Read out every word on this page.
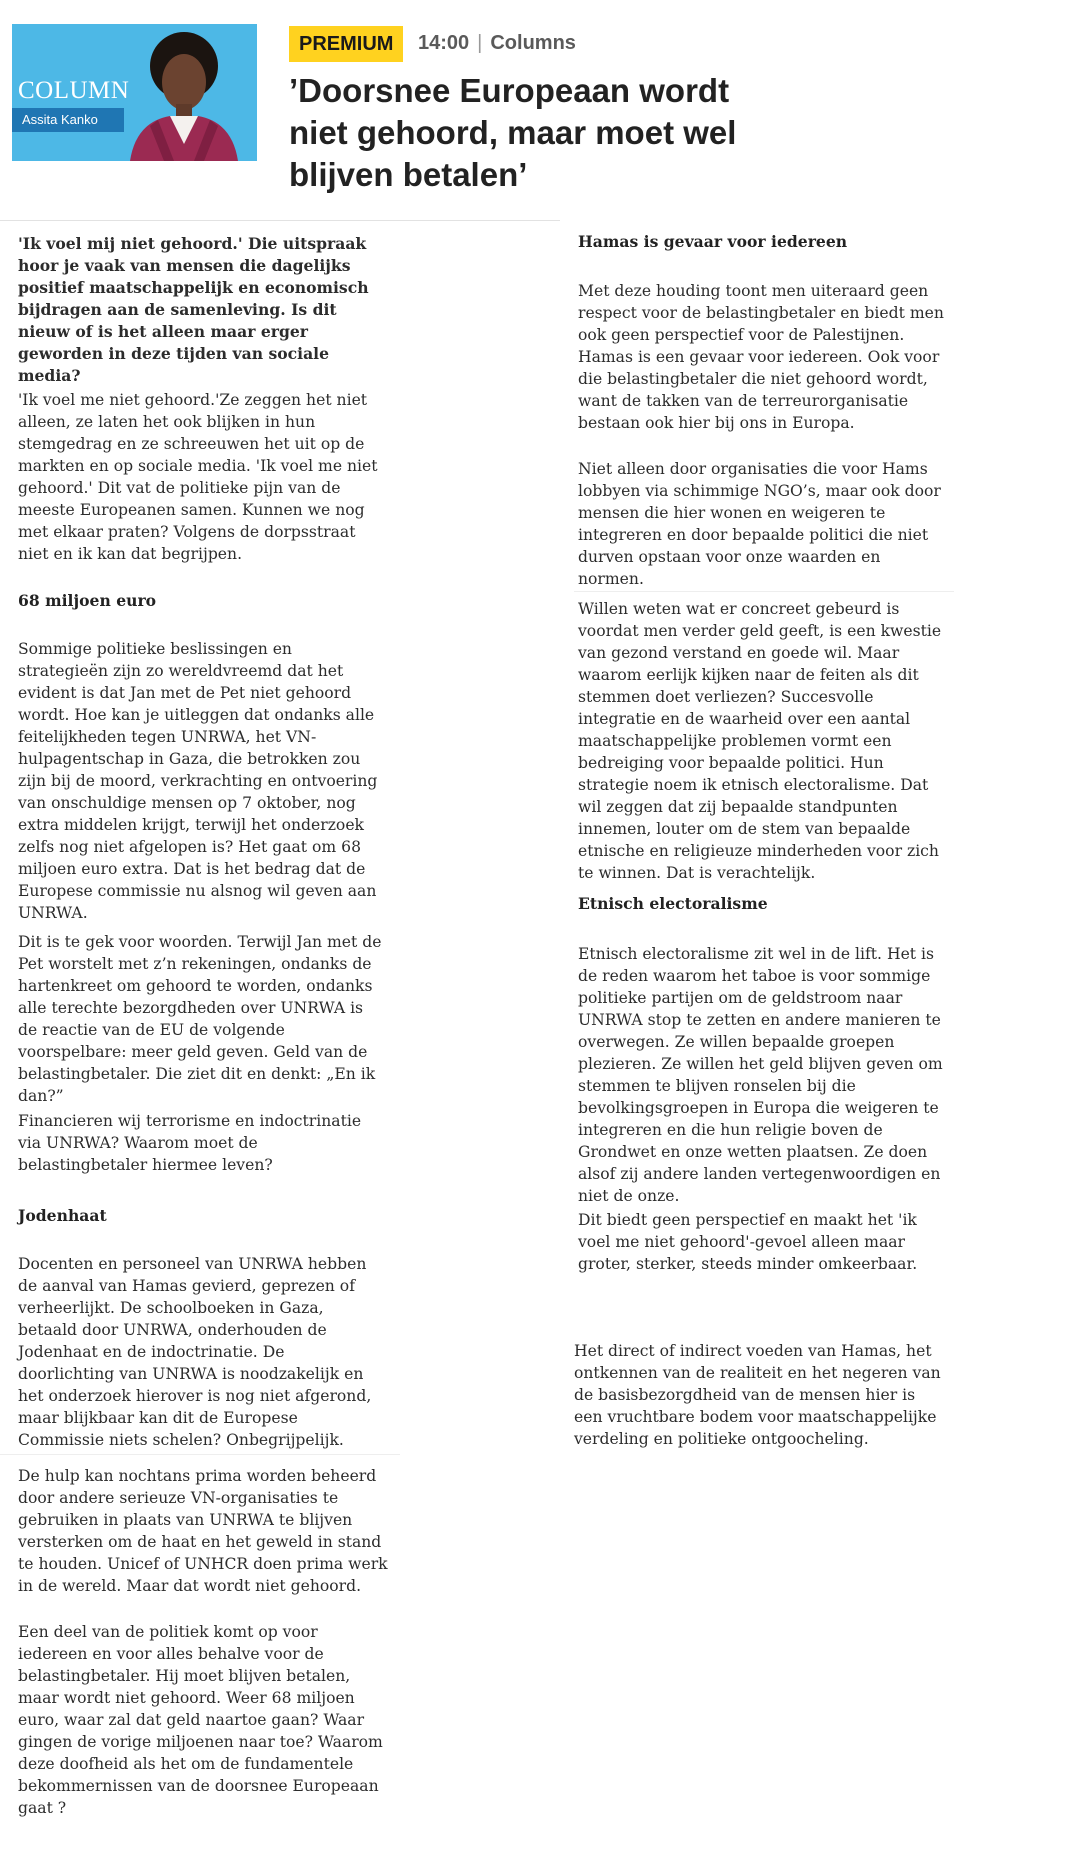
COLUMN
Assita Kanko
PREMIUM	14:00 | Columns
’Doorsnee Europeaan wordt niet gehoord, maar moet wel blijven betalen’

'Ik voel mij niet gehoord.' Die uitspraak hoor je vaak van mensen die dagelijks positief maatschappelijk en economisch bijdragen aan de samenleving. Is dit nieuw of is het alleen maar erger geworden in deze tijden van sociale media?

'Ik voel me niet gehoord.'Ze zeggen het niet alleen, ze laten het ook blijken in hun stemgedrag en ze schreeuwen het uit op de markten en op sociale media. 'Ik voel me niet gehoord.' Dit vat de politieke pijn van de meeste Europeanen samen. Kunnen we nog met elkaar praten? Volgens de dorpsstraat niet en ik kan dat begrijpen.

68 miljoen euro

Sommige politieke beslissingen en strategieën zijn zo wereldvreemd dat het evident is dat Jan met de Pet niet gehoord wordt. Hoe kan je uitleggen dat ondanks alle feitelijkheden tegen UNRWA, het VN-hulpagentschap in Gaza, die betrokken zou zijn bij de moord, verkrachting en ontvoering van onschuldige mensen op 7 oktober, nog extra middelen krijgt, terwijl het onderzoek zelfs nog niet afgelopen is? Het gaat om 68 miljoen euro extra. Dat is het bedrag dat de Europese commissie nu alsnog wil geven aan UNRWA.

Dit is te gek voor woorden. Terwijl Jan met de Pet worstelt met z’n rekeningen, ondanks de hartenkreet om gehoord te worden, ondanks alle terechte bezorgdheden over UNRWA is de reactie van de EU de volgende voorspelbare: meer geld geven. Geld van de belastingbetaler. Die ziet dit en denkt: „En ik dan?”

Financieren wij terrorisme en indoctrinatie via UNRWA? Waarom moet de belastingbetaler hiermee leven?

Jodenhaat

Docenten en personeel van UNRWA hebben de aanval van Hamas gevierd, geprezen of verheerlijkt. De schoolboeken in Gaza, betaald door UNRWA, onderhouden de Jodenhaat en de indoctrinatie. De doorlichting van UNRWA is noodzakelijk en het onderzoek hierover is nog niet afgerond, maar blijkbaar kan dit de Europese Commissie niets schelen? Onbegrijpelijk.

De hulp kan nochtans prima worden beheerd door andere serieuze VN-organisaties te gebruiken in plaats van UNRWA te blijven versterken om de haat en het geweld in stand te houden. Unicef of UNHCR doen prima werk in de wereld. Maar dat wordt niet gehoord.

Een deel van de politiek komt op voor iedereen en voor alles behalve voor de belastingbetaler. Hij moet blijven betalen, maar wordt niet gehoord. Weer 68 miljoen euro, waar zal dat geld naartoe gaan? Waar gingen de vorige miljoenen naar toe? Waarom deze doofheid als het om de fundamentele bekommernissen van de doorsnee Europeaan gaat ?

Hamas is gevaar voor iedereen

Met deze houding toont men uiteraard geen respect voor de belastingbetaler en biedt men ook geen perspectief voor de Palestijnen. Hamas is een gevaar voor iedereen. Ook voor die belastingbetaler die niet gehoord wordt, want de takken van de terreurorganisatie bestaan ook hier bij ons in Europa.

Niet alleen door organisaties die voor Hams lobbyen via schimmige NGO’s, maar ook door mensen die hier wonen en weigeren te integreren en door bepaalde politici die niet durven opstaan voor onze waarden en normen.

Willen weten wat er concreet gebeurd is voordat men verder geld geeft, is een kwestie van gezond verstand en goede wil. Maar waarom eerlijk kijken naar de feiten als dit stemmen doet verliezen? Succesvolle integratie en de waarheid over een aantal maatschappelijke problemen vormt een bedreiging voor bepaalde politici. Hun strategie noem ik etnisch electoralisme. Dat wil zeggen dat zij bepaalde standpunten innemen, louter om de stem van bepaalde etnische en religieuze minderheden voor zich te winnen. Dat is verachtelijk.

Etnisch electoralisme

Etnisch electoralisme zit wel in de lift. Het is de reden waarom het taboe is voor sommige politieke partijen om de geldstroom naar UNRWA stop te zetten en andere manieren te overwegen. Ze willen bepaalde groepen plezieren. Ze willen het geld blijven geven om stemmen te blijven ronselen bij die bevolkingsgroepen in Europa die weigeren te integreren en die hun religie boven de Grondwet en onze wetten plaatsen. Ze doen alsof zij andere landen vertegenwoordigen en niet de onze.

Dit biedt geen perspectief en maakt het 'ik voel me niet gehoord'-gevoel alleen maar groter, sterker, steeds minder omkeerbaar.

Het direct of indirect voeden van Hamas, het ontkennen van de realiteit en het negeren van de basisbezorgdheid van de mensen hier is een vruchtbare bodem voor maatschappelijke verdeling en politieke ontgoocheling.
